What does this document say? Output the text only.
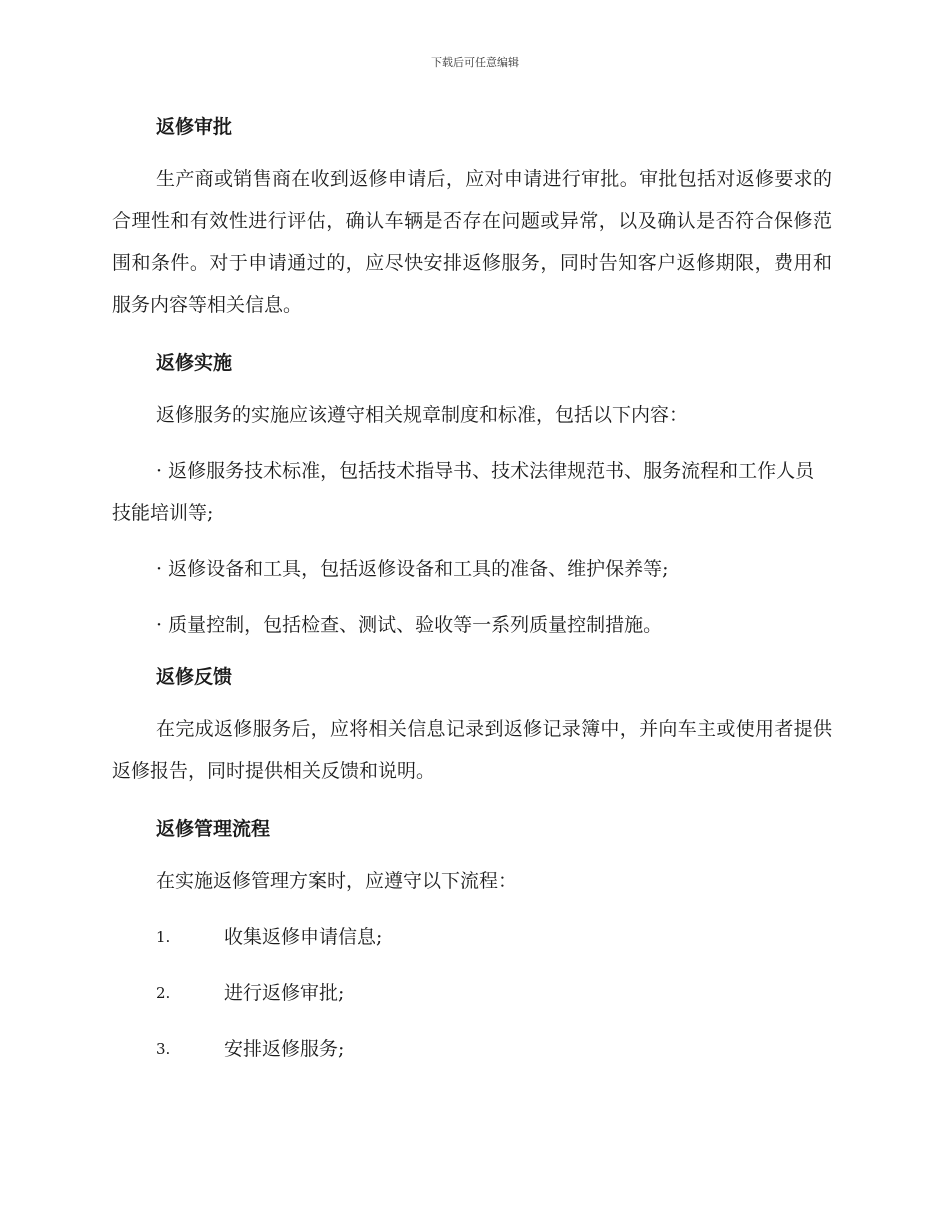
下载后可任意编辑
返修审批

生产商或销售商在收到返修申请后，应对申请进行审批。审批包括对返修要求的合理性和有效性进行评估，确认车辆是否存在问题或异常，以及确认是否符合保修范围和条件。对于申请通过的，应尽快安排返修服务，同时告知客户返修期限，费用和服务内容等相关信息。

返修实施

返修服务的实施应该遵守相关规章制度和标准，包括以下内容：

· 返修服务技术标准，包括技术指导书、技术法律规范书、服务流程和工作人员技能培训等;

· 返修设备和工具，包括返修设备和工具的准备、维护保养等;

· 质量控制，包括检查、测试、验收等一系列质量控制措施。

返修反馈

在完成返修服务后，应将相关信息记录到返修记录簿中，并向车主或使用者提供返修报告，同时提供相关反馈和说明。

返修管理流程

在实施返修管理方案时，应遵守以下流程：

1.	收集返修申请信息;
2.	进行返修审批;
3.	安排返修服务;
